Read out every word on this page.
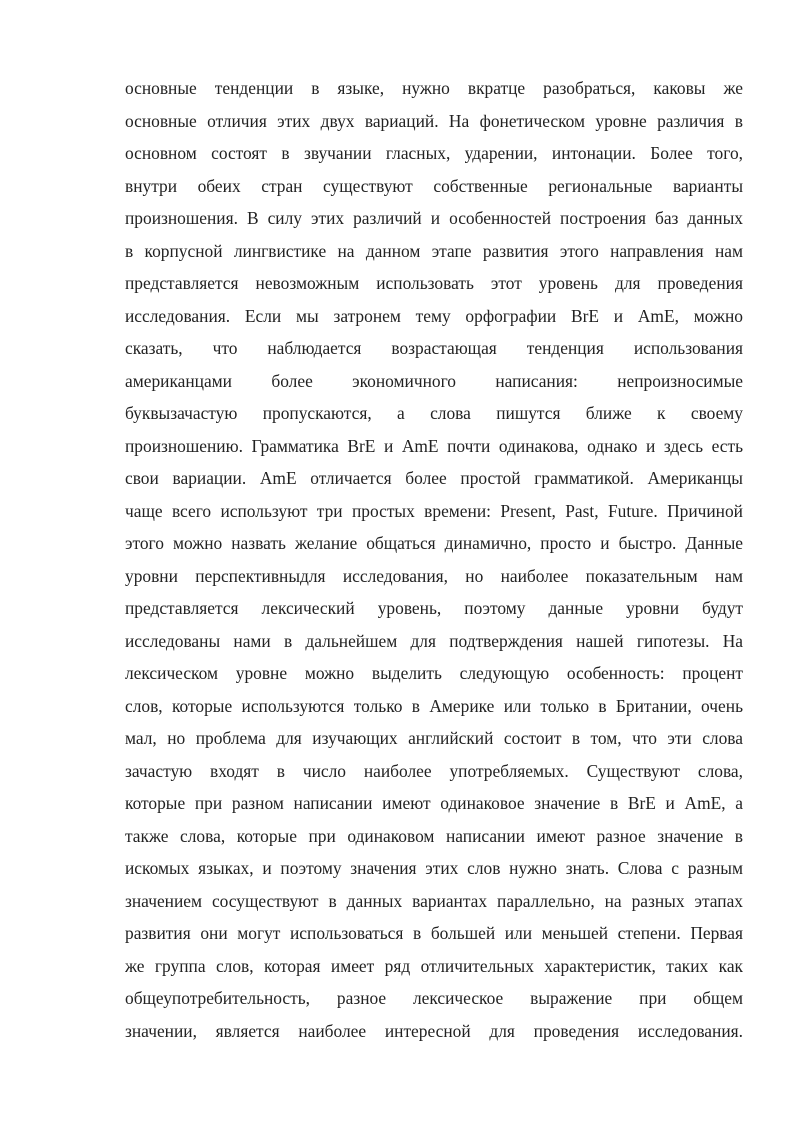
основные тенденции в языке, нужно вкратце разобраться, каковы же
основные отличия этих двух вариаций. На фонетическом уровне различия в
основном состоят в звучании гласных, ударении, интонации. Более того,
внутри обеих стран существуют собственные региональные варианты
произношения. В силу этих различий и особенностей построения баз данных
в корпусной лингвистике на данном этапе развития этого направления нам
представляется невозможным использовать этот уровень для проведения
исследования. Если мы затронем тему орфографии BrE и AmE, можно
сказать, что наблюдается возрастающая тенденция использования
американцами более экономичного написания: непроизносимые
буквызачастую пропускаются, а слова пишутся ближе к своему
произношению. Грамматика BrE и AmE почти одинакова, однако и здесь есть
свои вариации. AmE отличается более простой грамматикой. Американцы
чаще всего используют три простых времени: Present, Past, Future. Причиной
этого можно назвать желание общаться динамично, просто и быстро. Данные
уровни перспективныдля исследования, но наиболее показательным нам
представляется лексический уровень, поэтому данные уровни будут
исследованы нами в дальнейшем для подтверждения нашей гипотезы. На
лексическом уровне можно выделить следующую особенность: процент
слов, которые используются только в Америке или только в Британии, очень
мал, но проблема для изучающих английский состоит в том, что эти слова
зачастую входят в число наиболее употребляемых. Существуют слова,
которые при разном написании имеют одинаковое значение в BrE и AmE, а
также слова, которые при одинаковом написании имеют разное значение в
искомых языках, и поэтому значения этих слов нужно знать. Слова с разным
значением сосуществуют в данных вариантах параллельно, на разных этапах
развития они могут использоваться в большей или меньшей степени. Первая
же группа слов, которая имеет ряд отличительных характеристик, таких как
общеупотребительность, разное лексическое выражение при общем
значении, является наиболее интересной для проведения исследования.
